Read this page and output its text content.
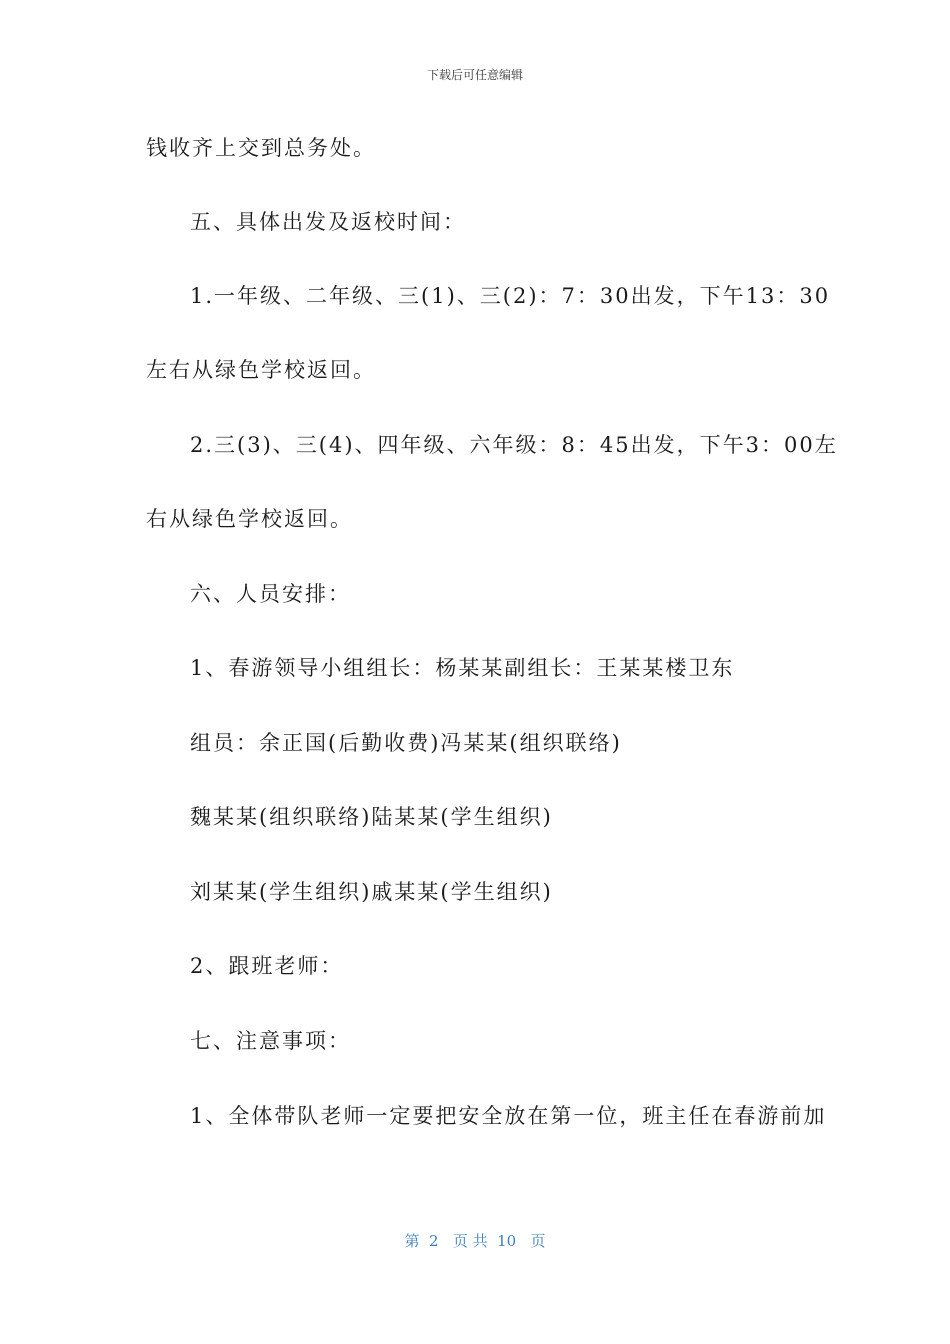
下载后可任意编辑
钱收齐上交到总务处。
五、具体出发及返校时间：
1.一年级、二年级、三(1)、三(2)：7：30出发，下午13：30
左右从绿色学校返回。
2.三(3)、三(4)、四年级、六年级：8：45出发，下午3：00左
右从绿色学校返回。
六、人员安排：
1、春游领导小组组长：杨某某副组长：王某某楼卫东
组员：余正国(后勤收费)冯某某(组织联络)
魏某某(组织联络)陆某某(学生组织)
刘某某(学生组织)戚某某(学生组织)
2、跟班老师：
七、注意事项：
1、全体带队老师一定要把安全放在第一位，班主任在春游前加
第  2   页 共  10   页
